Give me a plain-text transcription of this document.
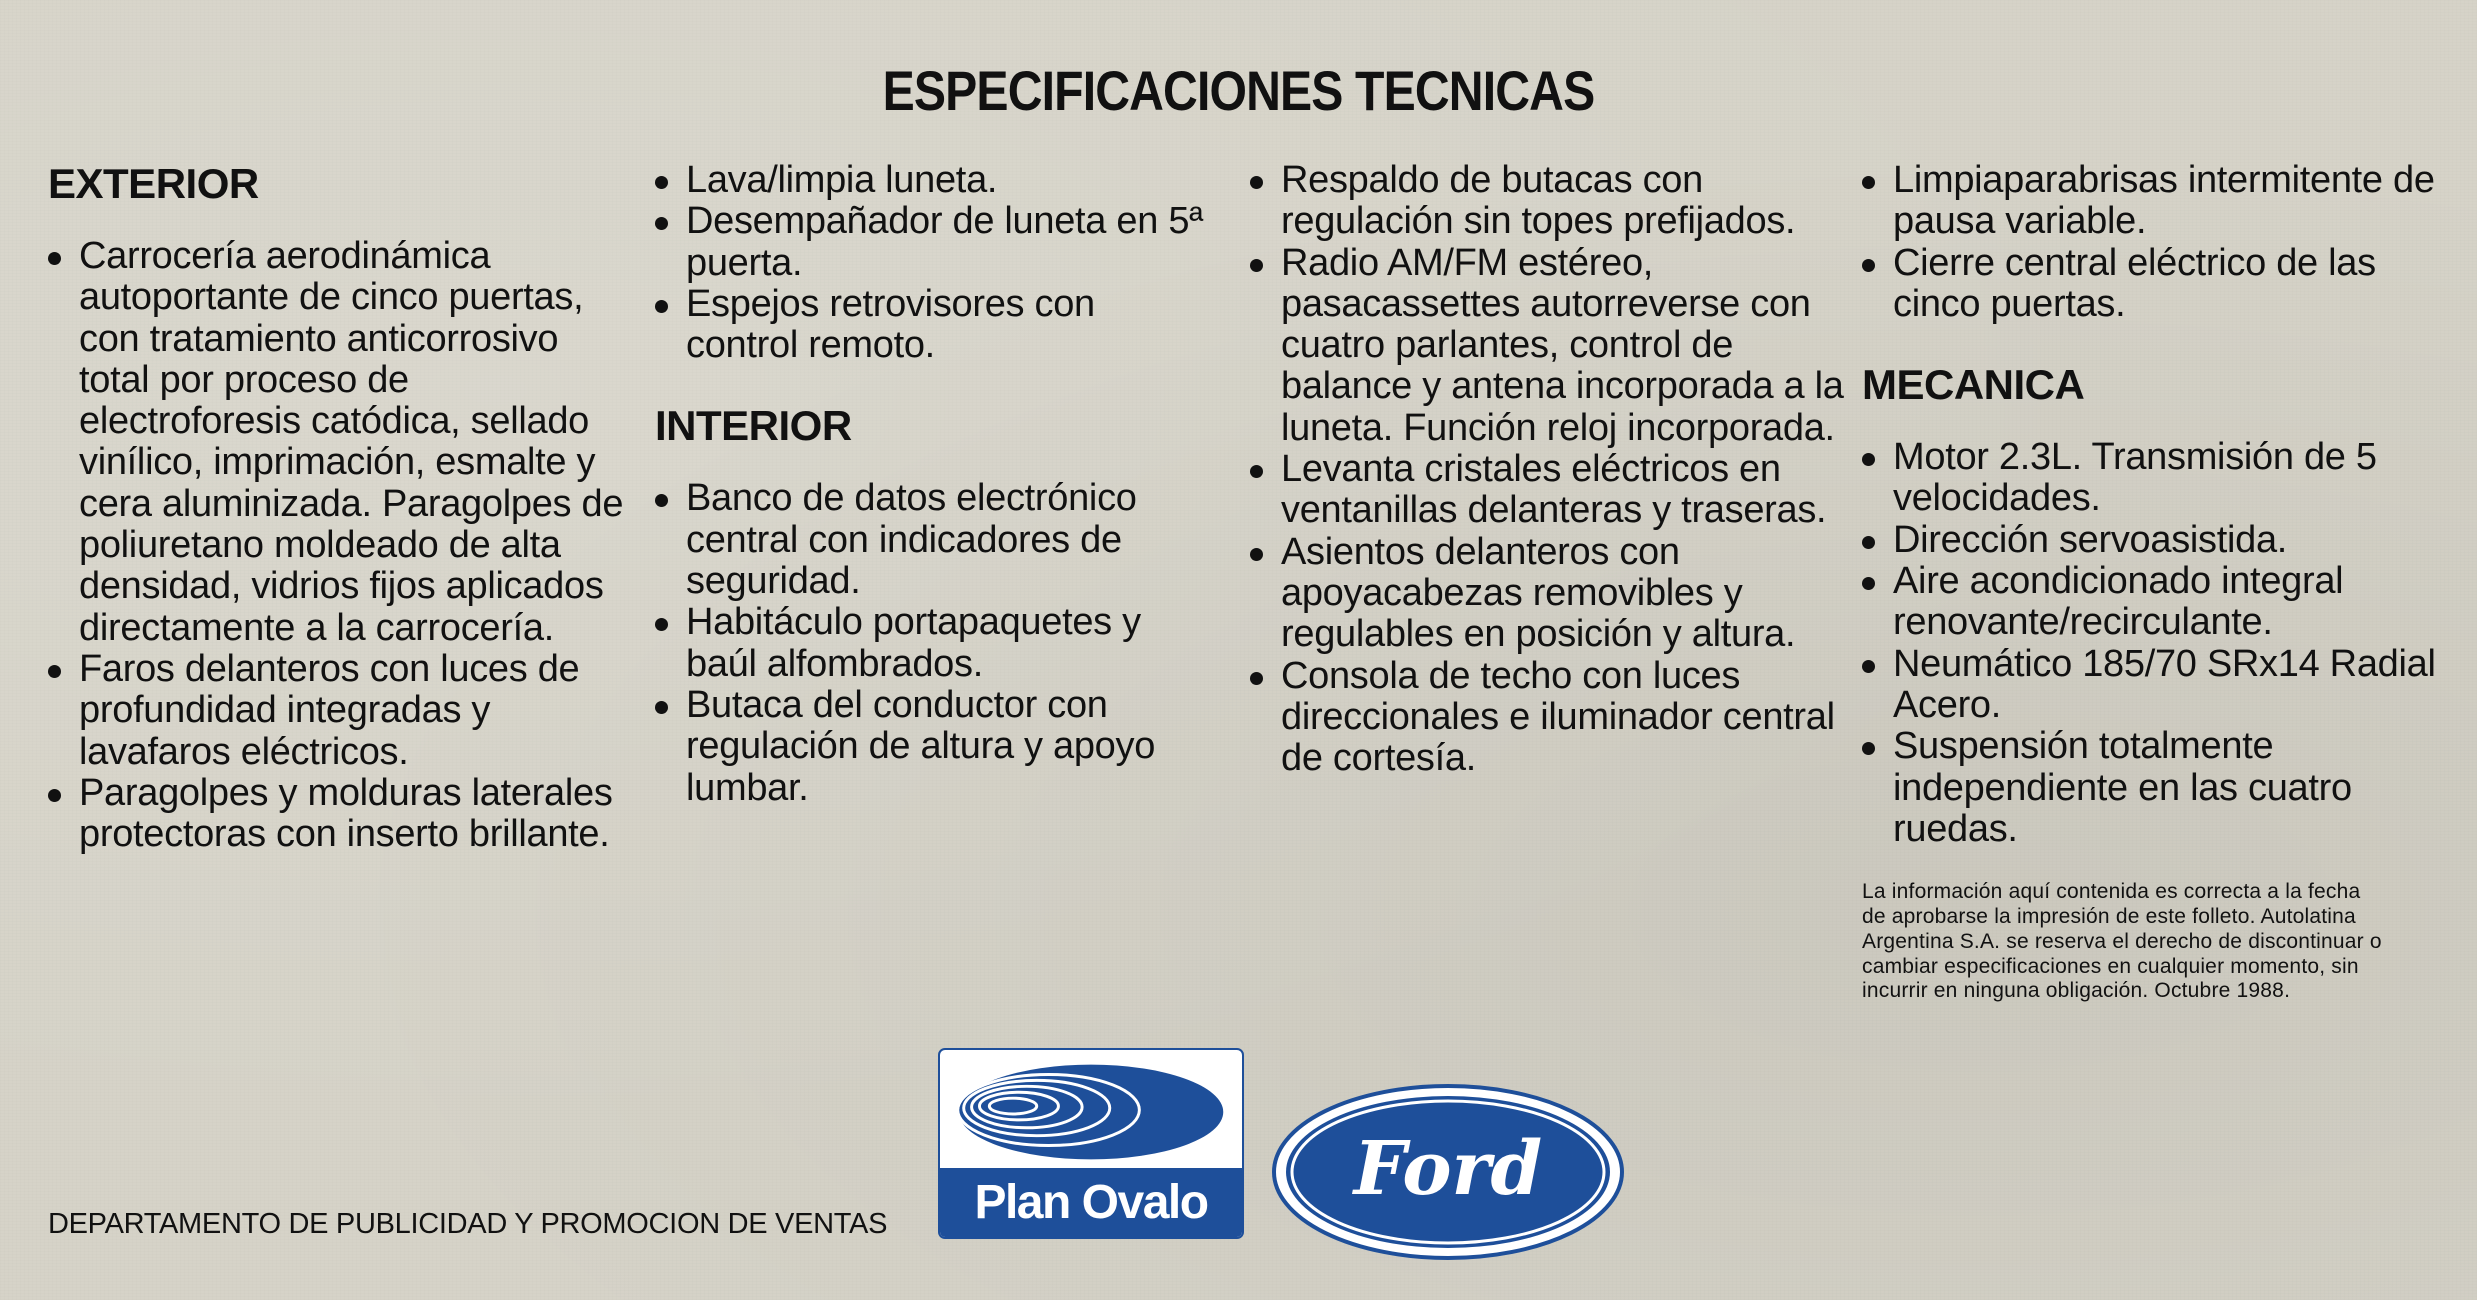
ESPECIFICACIONES TECNICAS
EXTERIOR
Carrocería aerodinámica autoportante de cinco puertas, con tratamiento anticorrosivo total por proceso de electroforesis catódica, sellado vinílico, imprimación, esmalte y cera aluminizada. Paragolpes de poliuretano moldeado de alta densidad, vidrios fijos aplicados directamente a la carrocería.
Faros delanteros con luces de profundidad integradas y lavafaros eléctricos.
Paragolpes y molduras laterales protectoras con inserto brillante.
Lava/limpia luneta.
Desempañador de luneta en 5ª puerta.
Espejos retrovisores con control remoto.
INTERIOR
Banco de datos electrónico central con indicadores de seguridad.
Habitáculo portapaquetes y baúl alfombrados.
Butaca del conductor con regulación de altura y apoyo lumbar.
Respaldo de butacas con regulación sin topes prefijados.
Radio AM/FM estéreo, pasacassettes autorreverse con cuatro parlantes, control de balance y antena incorporada a la luneta. Función reloj incorporada.
Levanta cristales eléctricos en ventanillas delanteras y traseras.
Asientos delanteros con apoyacabezas removibles y regulables en posición y altura.
Consola de techo con luces direccionales e iluminador central de cortesía.
Limpiaparabrisas intermitente de pausa variable.
Cierre central eléctrico de las cinco puertas.
MECANICA
Motor 2.3L. Transmisión de 5 velocidades.
Dirección servoasistida.
Aire acondicionado integral renovante/recirculante.
Neumático 185/70 SRx14 Radial Acero.
Suspensión totalmente independiente en las cuatro ruedas.
La información aquí contenida es correcta a la fecha de aprobarse la impresión de este folleto. Autolatina Argentina S.A. se reserva el derecho de discontinuar o cambiar especificaciones en cualquier momento, sin incurrir en ninguna obligación. Octubre 1988.
DEPARTAMENTO DE PUBLICIDAD Y PROMOCION DE VENTAS	Plan Ovalo	Ford
